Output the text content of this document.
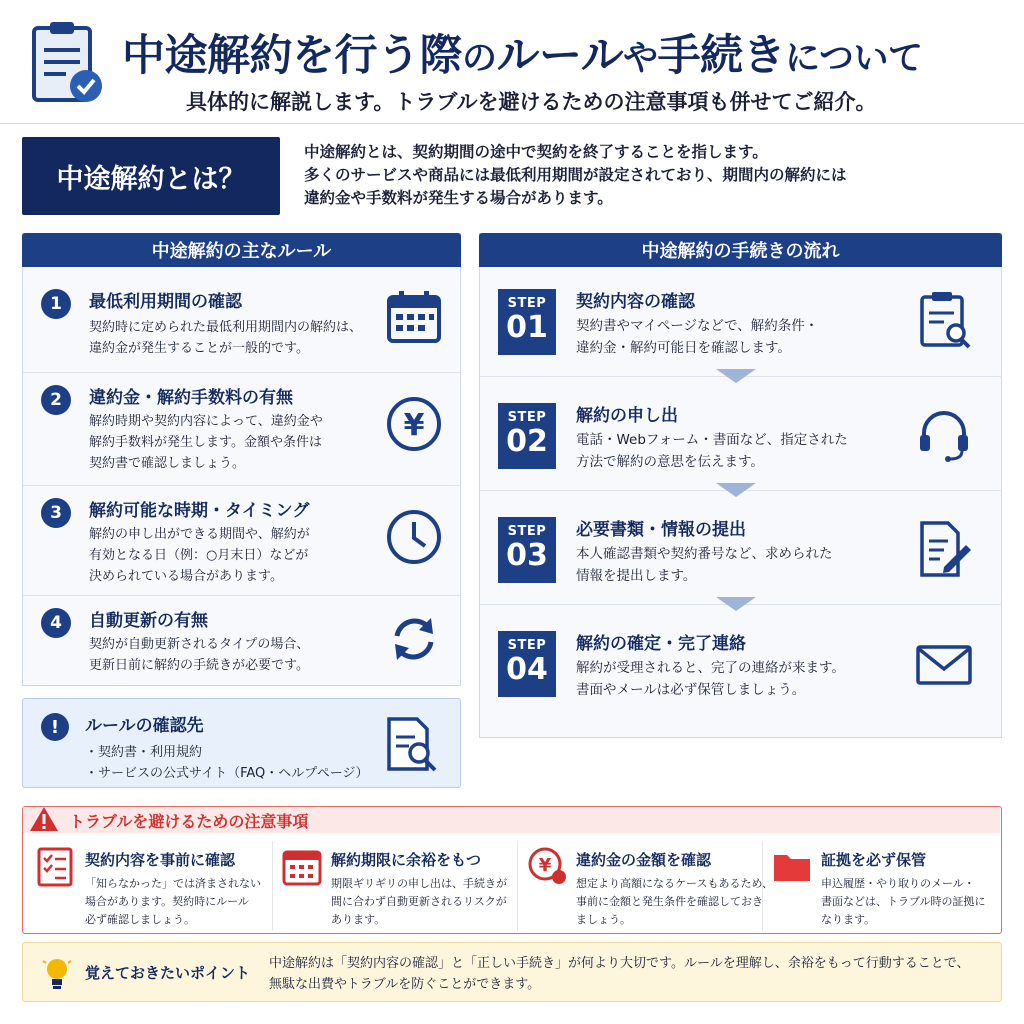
中途解約を行う際のルールや手続きについて
具体的に解説します。トラブルを避けるための注意事項も併せてご紹介。
中途解約とは？
中途解約とは、契約期間の途中で契約を終了することを指します。
多くのサービスや商品には最低利用期間が設定されており、期間内の解約には
違約金や手数料が発生する場合があります。
中途解約の主なルール
1	最低利用期間の確認
契約時に定められた最低利用期間内の解約は、
違約金が発生することが一般的です。
2	違約金・解約手数料の有無
解約時期や契約内容によって、違約金や
解約手数料が発生します。金額や条件は
契約書で確認しましょう。
¥
3	解約可能な時期・タイミング
解約の申し出ができる期間や、解約が
有効となる日（例：○月末日）などが
決められている場合があります。
4	自動更新の有無
契約が自動更新されるタイプの場合、
更新日前に解約の手続きが必要です。
!	ルールの確認先
・契約書・利用規約
・サービスの公式サイト（FAQ・ヘルプページ）
中途解約の手続きの流れ
STEP
01
契約内容の確認
契約書やマイページなどで、解約条件・
違約金・解約可能日を確認します。
STEP
02
解約の申し出
電話・Webフォーム・書面など、指定された
方法で解約の意思を伝えます。
STEP
03
必要書類・情報の提出
本人確認書類や契約番号など、求められた
情報を提出します。
STEP
04
解約の確定・完了連絡
解約が受理されると、完了の連絡が来ます。
書面やメールは必ず保管しましょう。
トラブルを避けるための注意事項
契約内容を事前に確認
「知らなかった」では済まされない
場合があります。契約時にルール
必ず確認しましょう。
解約期限に余裕をもつ
期限ギリギリの申し出は、手続きが
間に合わず自動更新されるリスクが
あります。
¥ 違約金の金額を確認
想定より高額になるケースもあるため、
事前に金額と発生条件を確認しておき
ましょう。
証拠を必ず保管
申込履歴・やり取りのメール・
書面などは、トラブル時の証拠に
なります。
覚えておきたいポイント
中途解約は「契約内容の確認」と「正しい手続き」が何より大切です。ルールを理解し、余裕をもって行動することで、
無駄な出費やトラブルを防ぐことができます。
